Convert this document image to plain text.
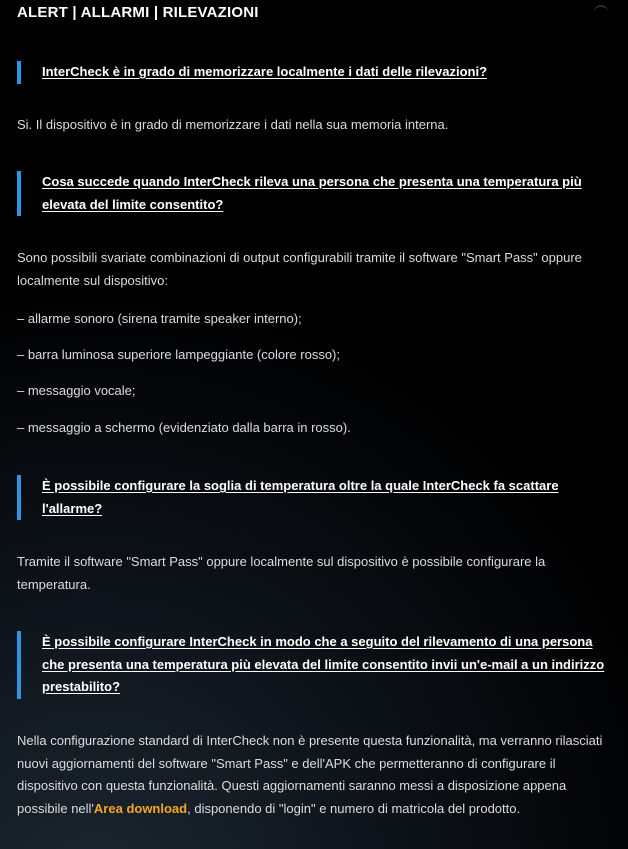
ALERT | ALLARMI | RILEVAZIONI

InterCheck è in grado di memorizzare localmente i dati delle rilevazioni?

Si. Il dispositivo è in grado di memorizzare i dati nella sua memoria interna.

Cosa succede quando InterCheck rileva una persona che presenta una temperatura più elevata del limite consentito?

Sono possibili svariate combinazioni di output configurabili tramite il software "Smart Pass" oppure localmente sul dispositivo:

– allarme sonoro (sirena tramite speaker interno);

– barra luminosa superiore lampeggiante (colore rosso);

– messaggio vocale;

– messaggio a schermo (evidenziato dalla barra in rosso).

È possibile configurare la soglia di temperatura oltre la quale InterCheck fa scattare l'allarme?

Tramite il software "Smart Pass" oppure localmente sul dispositivo è possibile configurare la temperatura.

È possibile configurare InterCheck in modo che a seguito del rilevamento di una persona che presenta una temperatura più elevata del limite consentito invii un'e-mail a un indirizzo prestabilito?

Nella configurazione standard di InterCheck non è presente questa funzionalità, ma verranno rilasciati nuovi aggiornamenti del software "Smart Pass" e dell'APK che permetteranno di configurare il dispositivo con questa funzionalità. Questi aggiornamenti saranno messi a disposizione appena possibile nell'Area download, disponendo di "login" e numero di matricola del prodotto.
